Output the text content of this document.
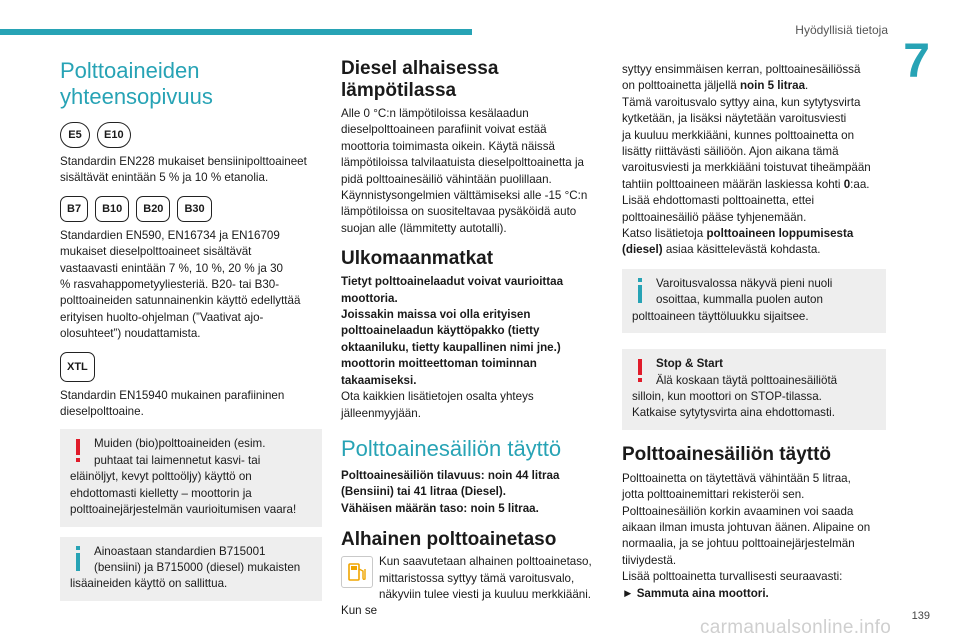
Hyödyllisiä tietoja
7
139
carmanualsonline.info
Polttoaineiden
yhteensopivuus
E5	E10

Standardin EN228 mukaiset bensiinipolttoaineet
sisältävät enintään 5 % ja 10 % etanolia.

B7	B10	B20	B30

Standardien EN590, EN16734 ja EN16709
mukaiset dieselpolttoaineet sisältävät
vastaavasti enintään 7 %, 10 %, 20 % ja 30
% rasvahappometyyliesteriä. B20- tai B30-
polttoaineiden satunnainenkin käyttö edellyttää
erityisen huolto-ohjelman (”Vaativat ajo-
olosuhteet”) noudattamista.

XTL

Standardin EN15940 mukainen parafiininen
dieselpolttoaine.

Muiden (bio)polttoaineiden (esim.
puhtaat tai laimennetut kasvi- tai
eläinöljyt, kevyt polttoöljy) käyttö on
ehdottomasti kielletty – moottorin ja
polttoainejärjestelmän vaurioitumisen vaara!
Ainoastaan standardien B715001
(bensiini) ja B715000 (diesel) mukaisten
lisäaineiden käyttö on sallittua.
Diesel alhaisessa
lämpötilassa

Alle 0 °C:n lämpötiloissa kesälaadun
dieselpolttoaineen parafiinit voivat estää
moottoria toimimasta oikein. Käytä näissä
lämpötiloissa talvilaatuista dieselpolttoainetta ja
pidä polttoainesäiliö vähintään puolillaan.
Käynnistysongelmien välttämiseksi alle -15 °C:n
lämpötiloissa on suositeltavaa pysäköidä auto
suojan alle (lämmitetty autotalli).

Ulkomaanmatkat

Tietyt polttoainelaadut voivat vaurioittaa
moottoria.
Joissakin maissa voi olla erityisen
polttoainelaadun käyttöpakko (tietty
oktaaniluku, tietty kaupallinen nimi jne.)
moottorin moitteettoman toiminnan
takaamiseksi.
Ota kaikkien lisätietojen osalta yhteys
jälleenmyyjään.

Polttoainesäiliön täyttö

Polttoainesäiliön tilavuus: noin 44 litraa
(Bensiini) tai 41 litraa (Diesel).
Vähäisen määrän taso: noin 5 litraa.

Alhainen polttoainetaso

Kun saavutetaan alhainen polttoainetaso,
mittaristossa syttyy tämä varoitusvalo,
näkyviin tulee viesti ja kuuluu merkkiääni. Kun se

syttyy ensimmäisen kerran, polttoainesäiliössä
on polttoainetta jäljellä noin 5 litraa.
Tämä varoitusvalo syttyy aina, kun sytytysvirta
kytketään, ja lisäksi näytetään varoitusviesti
ja kuuluu merkkiääni, kunnes polttoainetta on
lisätty riittävästi säiliöön. Ajon aikana tämä
varoitusviesti ja merkkiääni toistuvat tiheämpään
tahtiin polttoaineen määrän laskiessa kohti 0:aa.
Lisää ehdottomasti polttoainetta, ettei
polttoainesäiliö pääse tyhjenemään.
Katso lisätietoja polttoaineen loppumisesta
(diesel) asiaa käsittelevästä kohdasta.

Varoitusvalossa näkyvä pieni nuoli
osoittaa, kummalla puolen auton
polttoaineen täyttöluukku sijaitsee.
Stop & Start
Älä koskaan täytä polttoainesäiliötä
silloin, kun moottori on STOP-tilassa.
Katkaise sytytysvirta aina ehdottomasti.
Polttoainesäiliön täyttö

Polttoainetta on täytettävä vähintään 5 litraa,
jotta polttoainemittari rekisteröi sen.
Polttoainesäiliön korkin avaaminen voi saada
aikaan ilman imusta johtuvan äänen. Alipaine on
normaalia, ja se johtuu polttoainejärjestelmän
tiiviydestä.
Lisää polttoainetta turvallisesti seuraavasti:
► Sammuta aina moottori.
